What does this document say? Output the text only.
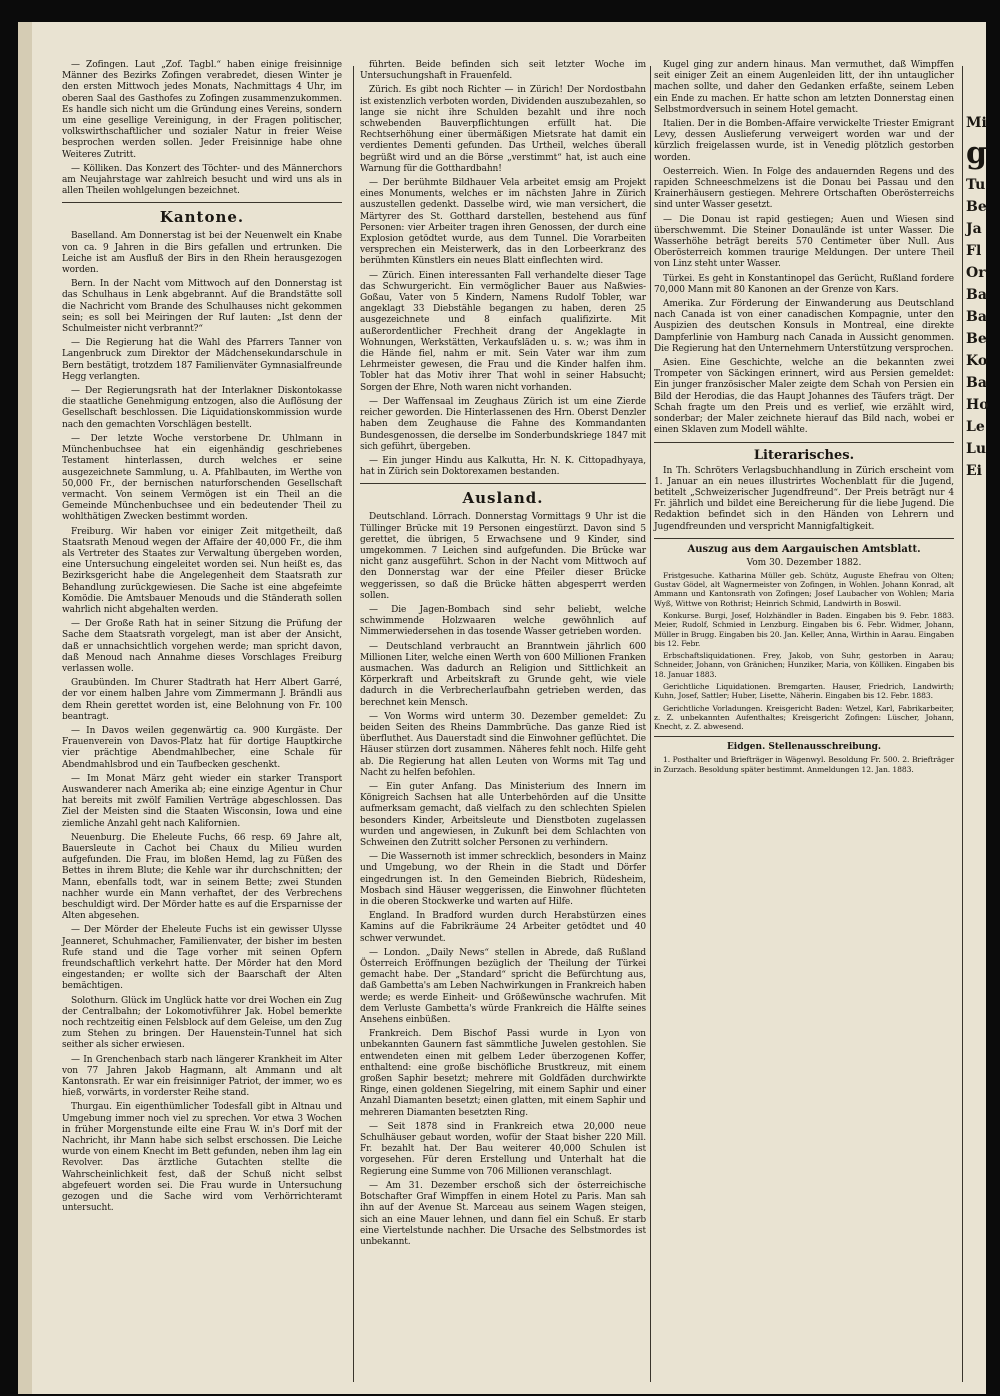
— Zofingen. Laut „Zof. Tagbl.“ haben einige freisinnige Männer des Bezirks Zofingen verabredet, diesen Winter je den ersten Mittwoch jedes Monats, Nachmittags 4 Uhr, im oberen Saal des Gasthofes zu Zofingen zusammenzukommen. Es handle sich nicht um die Gründung eines Vereins, sondern um eine gesellige Vereinigung, in der Fragen politischer, volkswirthschaftlicher und sozialer Natur in freier Weise besprochen werden sollen. Jeder Freisinnige habe ohne Weiteres Zutritt.

— Kölliken. Das Konzert des Töchter- und des Männerchors am Neujahrstage war zahlreich besucht und wird uns als in allen Theilen wohlgelungen bezeichnet.

Kantone.

Baselland. Am Donnerstag ist bei der Neuenwelt ein Knabe von ca. 9 Jahren in die Birs gefallen und ertrunken. Die Leiche ist am Ausfluß der Birs in den Rhein herausgezogen worden.

Bern. In der Nacht vom Mittwoch auf den Donnerstag ist das Schulhaus in Lenk abgebrannt. Auf die Brandstätte soll die Nachricht vom Brande des Schulhauses nicht gekommen sein; es soll bei Meiringen der Ruf lauten: „Ist denn der Schulmeister nicht verbrannt?“

— Die Regierung hat die Wahl des Pfarrers Tanner von Langenbruck zum Direktor der Mädchensekundarschule in Bern bestätigt, trotzdem 187 Familienväter Gymnasialfreunde Hegg verlangten.

— Der Regierungsrath hat der Interlakner Diskontokasse die staatliche Genehmigung entzogen, also die Auflösung der Gesellschaft beschlossen. Die Liquidationskommission wurde nach den gemachten Vorschlägen bestellt.

— Der letzte Woche verstorbene Dr. Uhlmann in Münchenbuchsee hat ein eigenhändig geschriebenes Testament hinterlassen, durch welches er seine ausgezeichnete Sammlung, u. A. Pfahlbauten, im Werthe von 50,000 Fr., der bernischen naturforschenden Gesellschaft vermacht. Von seinem Vermögen ist ein Theil an die Gemeinde Münchenbuchsee und ein bedeutender Theil zu wohlthätigen Zwecken bestimmt worden.

Freiburg. Wir haben vor einiger Zeit mitgetheilt, daß Staatsrath Menoud wegen der Affaire der 40,000 Fr., die ihm als Vertreter des Staates zur Verwaltung übergeben worden, eine Untersuchung eingeleitet worden sei. Nun heißt es, das Bezirksgericht habe die Angelegenheit dem Staatsrath zur Behandlung zurückgewiesen. Die Sache ist eine abgefeimte Komödie. Die Amtsbauer Menouds und die Ständerath sollen wahrlich nicht abgehalten werden.

— Der Große Rath hat in seiner Sitzung die Prüfung der Sache dem Staatsrath vorgelegt, man ist aber der Ansicht, daß er unnachsichtlich vorgehen werde; man spricht davon, daß Menoud nach Annahme dieses Vorschlages Freiburg verlassen wolle.

Graubünden. Im Churer Stadtrath hat Herr Albert Garré, der vor einem halben Jahre vom Zimmermann J. Brändli aus dem Rhein gerettet worden ist, eine Belohnung von Fr. 100 beantragt.

— In Davos weilen gegenwärtig ca. 900 Kurgäste. Der Frauenverein von Davos-Platz hat für dortige Hauptkirche vier prächtige Abendmahlbecher, eine Schale für Abendmahlsbrod und ein Taufbecken geschenkt.

— Im Monat März geht wieder ein starker Transport Auswanderer nach Amerika ab; eine einzige Agentur in Chur hat bereits mit zwölf Familien Verträge abgeschlossen. Das Ziel der Meisten sind die Staaten Wisconsin, Iowa und eine ziemliche Anzahl geht nach Kalifornien.

Neuenburg. Die Eheleute Fuchs, 66 resp. 69 Jahre alt, Bauersleute in Cachot bei Chaux du Milieu wurden aufgefunden. Die Frau, im bloßen Hemd, lag zu Füßen des Bettes in ihrem Blute; die Kehle war ihr durchschnitten; der Mann, ebenfalls todt, war in seinem Bette; zwei Stunden nachher wurde ein Mann verhaftet, der des Verbrechens beschuldigt wird. Der Mörder hatte es auf die Ersparnisse der Alten abgesehen.

— Der Mörder der Eheleute Fuchs ist ein gewisser Ulysse Jeanneret, Schuhmacher, Familienvater, der bisher im besten Rufe stand und die Tage vorher mit seinen Opfern freundschaftlich verkehrt hatte. Der Mörder hat den Mord eingestanden; er wollte sich der Baarschaft der Alten bemächtigen.

Solothurn. Glück im Unglück hatte vor drei Wochen ein Zug der Centralbahn; der Lokomotivführer Jak. Hobel bemerkte noch rechtzeitig einen Felsblock auf dem Geleise, um den Zug zum Stehen zu bringen. Der Hauenstein-Tunnel hat sich seither als sicher erwiesen.

— In Grenchenbach starb nach längerer Krankheit im Alter von 77 Jahren Jakob Hagmann, alt Ammann und alt Kantonsrath. Er war ein freisinniger Patriot, der immer, wo es hieß, vorwärts, in vorderster Reihe stand.

Thurgau. Ein eigenthümlicher Todesfall gibt in Altnau und Umgebung immer noch viel zu sprechen. Vor etwa 3 Wochen in früher Morgenstunde eilte eine Frau W. in's Dorf mit der Nachricht, ihr Mann habe sich selbst erschossen. Die Leiche wurde von einem Knecht im Bett gefunden, neben ihm lag ein Revolver. Das ärztliche Gutachten stellte die Wahrscheinlichkeit fest, daß der Schuß nicht selbst abgefeuert worden sei. Die Frau wurde in Untersuchung gezogen und die Sache wird vom Verhörrichteramt untersucht.

führten. Beide befinden sich seit letzter Woche im Untersuchungshaft in Frauenfeld.

Zürich. Es gibt noch Richter — in Zürich! Der Nordostbahn ist existenzlich verboten worden, Dividenden auszubezahlen, so lange sie nicht ihre Schulden bezahlt und ihre noch schwebenden Bauverpflichtungen erfüllt hat. Die Rechtserhöhung einer übermäßigen Mietsrate hat damit ein verdientes Dementi gefunden. Das Urtheil, welches überall begrüßt wird und an die Börse „verstimmt“ hat, ist auch eine Warnung für die Gotthardbahn!

— Der berühmte Bildhauer Vela arbeitet emsig am Projekt eines Monuments, welches er im nächsten Jahre in Zürich auszustellen gedenkt. Dasselbe wird, wie man versichert, die Märtyrer des St. Gotthard darstellen, bestehend aus fünf Personen: vier Arbeiter tragen ihren Genossen, der durch eine Explosion getödtet wurde, aus dem Tunnel. Die Vorarbeiten versprechen ein Meisterwerk, das in den Lorbeerkranz des berühmten Künstlers ein neues Blatt einflechten wird.

— Zürich. Einen interessanten Fall verhandelte dieser Tage das Schwurgericht. Ein vermöglicher Bauer aus Naßwies-Goßau, Vater von 5 Kindern, Namens Rudolf Tobler, war angeklagt 33 Diebstähle begangen zu haben, deren 25 ausgezeichnete und 8 einfach qualifizirte. Mit außerordentlicher Frechheit drang der Angeklagte in Wohnungen, Werkstätten, Verkaufsläden u. s. w.; was ihm in die Hände fiel, nahm er mit. Sein Vater war ihm zum Lehrmeister gewesen, die Frau und die Kinder halfen ihm. Tobler hat das Motiv ihrer That wohl in seiner Habsucht; Sorgen der Ehre, Noth waren nicht vorhanden.

— Der Waffensaal im Zeughaus Zürich ist um eine Zierde reicher geworden. Die Hinterlassenen des Hrn. Oberst Denzler haben dem Zeughause die Fahne des Kommandanten Bundesgenossen, die derselbe im Sonderbundskriege 1847 mit sich geführt, übergeben.

— Ein junger Hindu aus Kalkutta, Hr. N. K. Cittopadhyaya, hat in Zürich sein Doktorexamen bestanden.

Ausland.

Deutschland. Lörrach. Donnerstag Vormittags 9 Uhr ist die Tüllinger Brücke mit 19 Personen eingestürzt. Davon sind 5 gerettet, die übrigen, 5 Erwachsene und 9 Kinder, sind umgekommen. 7 Leichen sind aufgefunden. Die Brücke war nicht ganz ausgeführt. Schon in der Nacht vom Mittwoch auf den Donnerstag war der eine Pfeiler dieser Brücke weggerissen, so daß die Brücke hätten abgesperrt werden sollen.

— Die Jagen-Bombach sind sehr beliebt, welche schwimmende Holzwaaren welche gewöhnlich auf Nimmerwiedersehen in das tosende Wasser getrieben worden.

— Deutschland verbraucht an Branntwein jährlich 600 Millionen Liter, welche einen Werth von 600 Millionen Franken ausmachen. Was dadurch an Religion und Sittlichkeit an Körperkraft und Arbeitskraft zu Grunde geht, wie viele dadurch in die Verbrecherlaufbahn getrieben werden, das berechnet kein Mensch.

— Von Worms wird unterm 30. Dezember gemeldet: Zu beiden Seiten des Rheins Dammbrüche. Das ganze Ried ist überfluthet. Aus Dauerstadt sind die Einwohner geflüchtet. Die Häuser stürzen dort zusammen. Näheres fehlt noch. Hilfe geht ab. Die Regierung hat allen Leuten von Worms mit Tag und Nacht zu helfen befohlen.

— Ein guter Anfang. Das Ministerium des Innern im Königreich Sachsen hat alle Unterbehörden auf die Unsitte aufmerksam gemacht, daß vielfach zu den schlechten Spielen besonders Kinder, Arbeitsleute und Dienstboten zugelassen wurden und angewiesen, in Zukunft bei dem Schlachten von Schweinen den Zutritt solcher Personen zu verhindern.

— Die Wassernoth ist immer schrecklich, besonders in Mainz und Umgebung, wo der Rhein in die Stadt und Dörfer eingedrungen ist. In den Gemeinden Biebrich, Rüdesheim, Mosbach sind Häuser weggerissen, die Einwohner flüchteten in die oberen Stockwerke und warten auf Hilfe.

England. In Bradford wurden durch Herabstürzen eines Kamins auf die Fabrikräume 24 Arbeiter getödtet und 40 schwer verwundet.

— London. „Daily News“ stellen in Abrede, daß Rußland Österreich Eröffnungen bezüglich der Theilung der Türkei gemacht habe. Der „Standard“ spricht die Befürchtung aus, daß Gambetta's am Leben Nachwirkungen in Frankreich haben werde; es werde Einheit- und Größewünsche wachrufen. Mit dem Verluste Gambetta's würde Frankreich die Hälfte seines Ansehens einbüßen.

Frankreich. Dem Bischof Passi wurde in Lyon von unbekannten Gaunern fast sämmtliche Juwelen gestohlen. Sie entwendeten einen mit gelbem Leder überzogenen Koffer, enthaltend: eine große bischöfliche Brustkreuz, mit einem großen Saphir besetzt; mehrere mit Goldfäden durchwirkte Ringe, einen goldenen Siegelring, mit einem Saphir und einer Anzahl Diamanten besetzt; einen glatten, mit einem Saphir und mehreren Diamanten besetzten Ring.

— Seit 1878 sind in Frankreich etwa 20,000 neue Schulhäuser gebaut worden, wofür der Staat bisher 220 Mill. Fr. bezahlt hat. Der Bau weiterer 40,000 Schulen ist vorgesehen. Für deren Erstellung und Unterhalt hat die Regierung eine Summe von 706 Millionen veranschlagt.

— Am 31. Dezember erschoß sich der österreichische Botschafter Graf Wimpffen in einem Hotel zu Paris. Man sah ihn auf der Avenue St. Marceau aus seinem Wagen steigen, sich an eine Mauer lehnen, und dann fiel ein Schuß. Er starb eine Viertelstunde nachher. Die Ursache des Selbstmordes ist unbekannt.

Kugel ging zur andern hinaus. Man vermuthet, daß Wimpffen seit einiger Zeit an einem Augenleiden litt, der ihn untauglicher machen sollte, und daher den Gedanken erfaßte, seinem Leben ein Ende zu machen. Er hatte schon am letzten Donnerstag einen Selbstmordversuch in seinem Hotel gemacht.

Italien. Der in die Bomben-Affaire verwickelte Triester Emigrant Levy, dessen Auslieferung verweigert worden war und der kürzlich freigelassen wurde, ist in Venedig plötzlich gestorben worden.

Oesterreich. Wien. In Folge des andauernden Regens und des rapiden Schneeschmelzens ist die Donau bei Passau und den Krainerhäusern gestiegen. Mehrere Ortschaften Oberösterreichs sind unter Wasser gesetzt.

— Die Donau ist rapid gestiegen; Auen und Wiesen sind überschwemmt. Die Steiner Donaulände ist unter Wasser. Die Wasserhöhe beträgt bereits 570 Centimeter über Null. Aus Oberösterreich kommen traurige Meldungen. Der untere Theil von Linz steht unter Wasser.

Türkei. Es geht in Konstantinopel das Gerücht, Rußland fordere 70,000 Mann mit 80 Kanonen an der Grenze von Kars.

Amerika. Zur Förderung der Einwanderung aus Deutschland nach Canada ist von einer canadischen Kompagnie, unter den Auspizien des deutschen Konsuls in Montreal, eine direkte Dampferlinie von Hamburg nach Canada in Aussicht genommen. Die Regierung hat den Unternehmern Unterstützung versprochen.

Asien. Eine Geschichte, welche an die bekannten zwei Trompeter von Säckingen erinnert, wird aus Persien gemeldet: Ein junger französischer Maler zeigte dem Schah von Persien ein Bild der Herodias, die das Haupt Johannes des Täufers trägt. Der Schah fragte um den Preis und es verlief, wie erzählt wird, sonderbar; der Maler zeichnete hierauf das Bild nach, wobei er einen Sklaven zum Modell wählte.

Literarisches.

In Th. Schröters Verlagsbuchhandlung in Zürich erscheint vom 1. Januar an ein neues illustrirtes Wochenblatt für die Jugend, betitelt „Schweizerischer Jugendfreund“. Der Preis beträgt nur 4 Fr. jährlich und bildet eine Bereicherung für die liebe Jugend. Die Redaktion befindet sich in den Händen von Lehrern und Jugendfreunden und verspricht Mannigfaltigkeit.

Auszug aus dem Aargauischen Amtsblatt.
Vom 30. Dezember 1882.

Fristgesuche. Katharina Müller geb. Schütz, Auguste Ehefrau von Olten; Gustav Gödel, alt Wagnermeister von Zofingen, in Wohlen. Johann Konrad, alt Ammann und Kantonsrath von Zofingen; Josef Laubacher von Wohlen; Maria Wyß, Wittwe von Rothrist; Heinrich Schmid, Landwirth in Boswil.

Konkurse. Burgi, Josef, Holzhändler in Baden. Eingaben bis 9. Febr. 1883. Meier, Rudolf, Schmied in Lenzburg. Eingaben bis 6. Febr. Widmer, Johann, Müller in Brugg. Eingaben bis 20. Jan. Keller, Anna, Wirthin in Aarau. Eingaben bis 12. Febr.

Erbschaftsliquidationen. Frey, Jakob, von Suhr, gestorben in Aarau; Schneider, Johann, von Gränichen; Hunziker, Maria, von Kölliken. Eingaben bis 18. Januar 1883.

Gerichtliche Liquidationen. Bremgarten. Hauser, Friedrich, Landwirth; Kuhn, Josef, Sattler; Huber, Lisette, Näherin. Eingaben bis 12. Febr. 1883.

Gerichtliche Vorladungen. Kreisgericht Baden: Wetzel, Karl, Fabrikarbeiter, z. Z. unbekannten Aufenthaltes; Kreisgericht Zofingen: Lüscher, Johann, Knecht, z. Z. abwesend.

Eidgen. Stellenausschreibung.

1. Posthalter und Briefträger in Wägenwyl. Besoldung Fr. 500. 2. Briefträger in Zurzach. Besoldung später bestimmt. Anmeldungen 12. Jan. 1883.

Mi
g
Tu
Be
Ja
Fl
Or
Ba
Ba
Be
Ko
Ba
Ho
Le
Lu
Ei
